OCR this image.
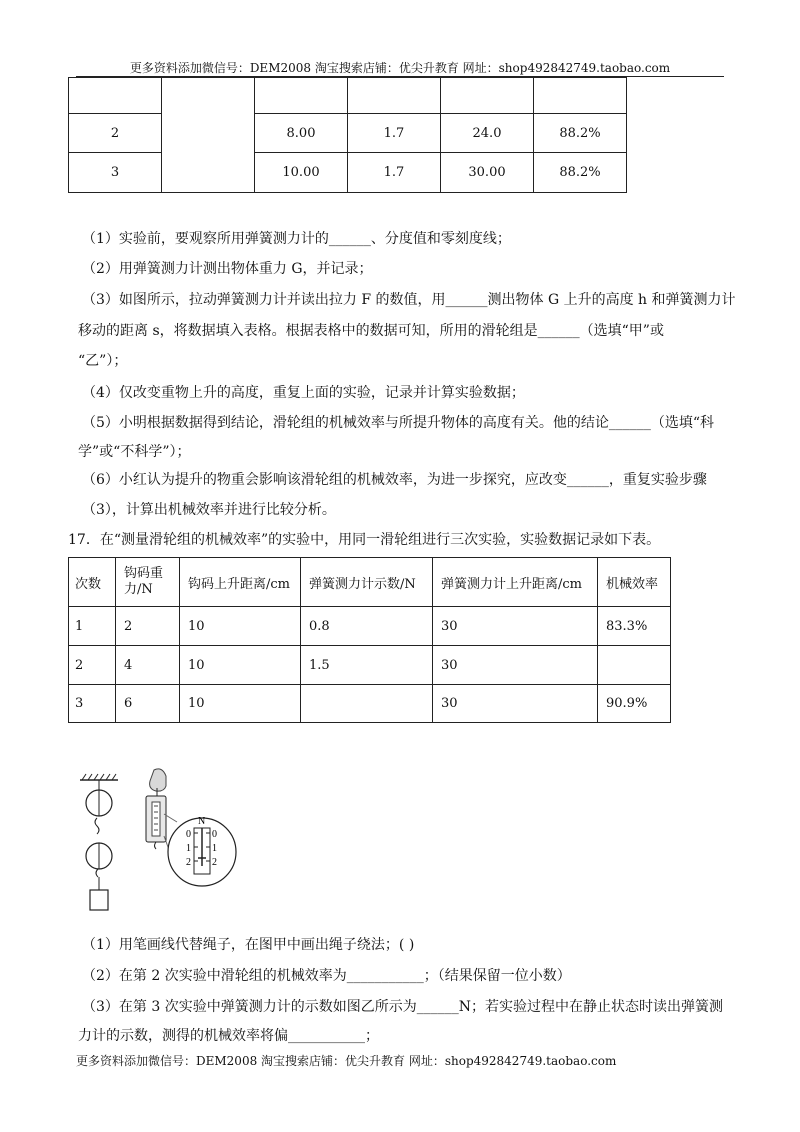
更多资料添加微信号：DEM2008 淘宝搜索店铺：优尖升教育 网址：shop492842749.taobao.com

2		8.00	1.7	24.0	88.2%
3		10.00	1.7	30.00	88.2%
（1）实验前，要观察所用弹簧测力计的______、分度值和零刻度线；
（2）用弹簧测力计测出物体重力 G，并记录；
（3）如图所示，拉动弹簧测力计并读出拉力 F 的数值，用______测出物体 G 上升的高度 h 和弹簧测力计
移动的距离 s，将数据填入表格。根据表格中的数据可知，所用的滑轮组是______（选填“甲”或
“乙”）；
（4）仅改变重物上升的高度，重复上面的实验，记录并计算实验数据；
（5）小明根据数据得到结论，滑轮组的机械效率与所提升物体的高度有关。他的结论______（选填“科
学”或“不科学”）；
（6）小红认为提升的物重会影响该滑轮组的机械效率，为进一步探究，应改变______，重复实验步骤
（3），计算出机械效率并进行比较分析。
17．在“测量滑轮组的机械效率”的实验中，用同一滑轮组进行三次实验，实验数据记录如下表。
次数	钩码重力/N	钩码上升距离/cm	弹簧测力计示数/N	弹簧测力计上升距离/cm	机械效率
1	2	10	0.8	30	83.3%
2	4	10	1.5	30	
3	6	10		30	90.9%
N
0
1
2
0
1
2
（1）用笔画线代替绳子，在图甲中画出绳子绕法；( )
（2）在第 2 次实验中滑轮组的机械效率为___________；（结果保留一位小数）
（3）在第 3 次实验中弹簧测力计的示数如图乙所示为______N；若实验过程中在静止状态时读出弹簧测
力计的示数，测得的机械效率将偏___________；
更多资料添加微信号：DEM2008 淘宝搜索店铺：优尖升教育 网址：shop492842749.taobao.com
